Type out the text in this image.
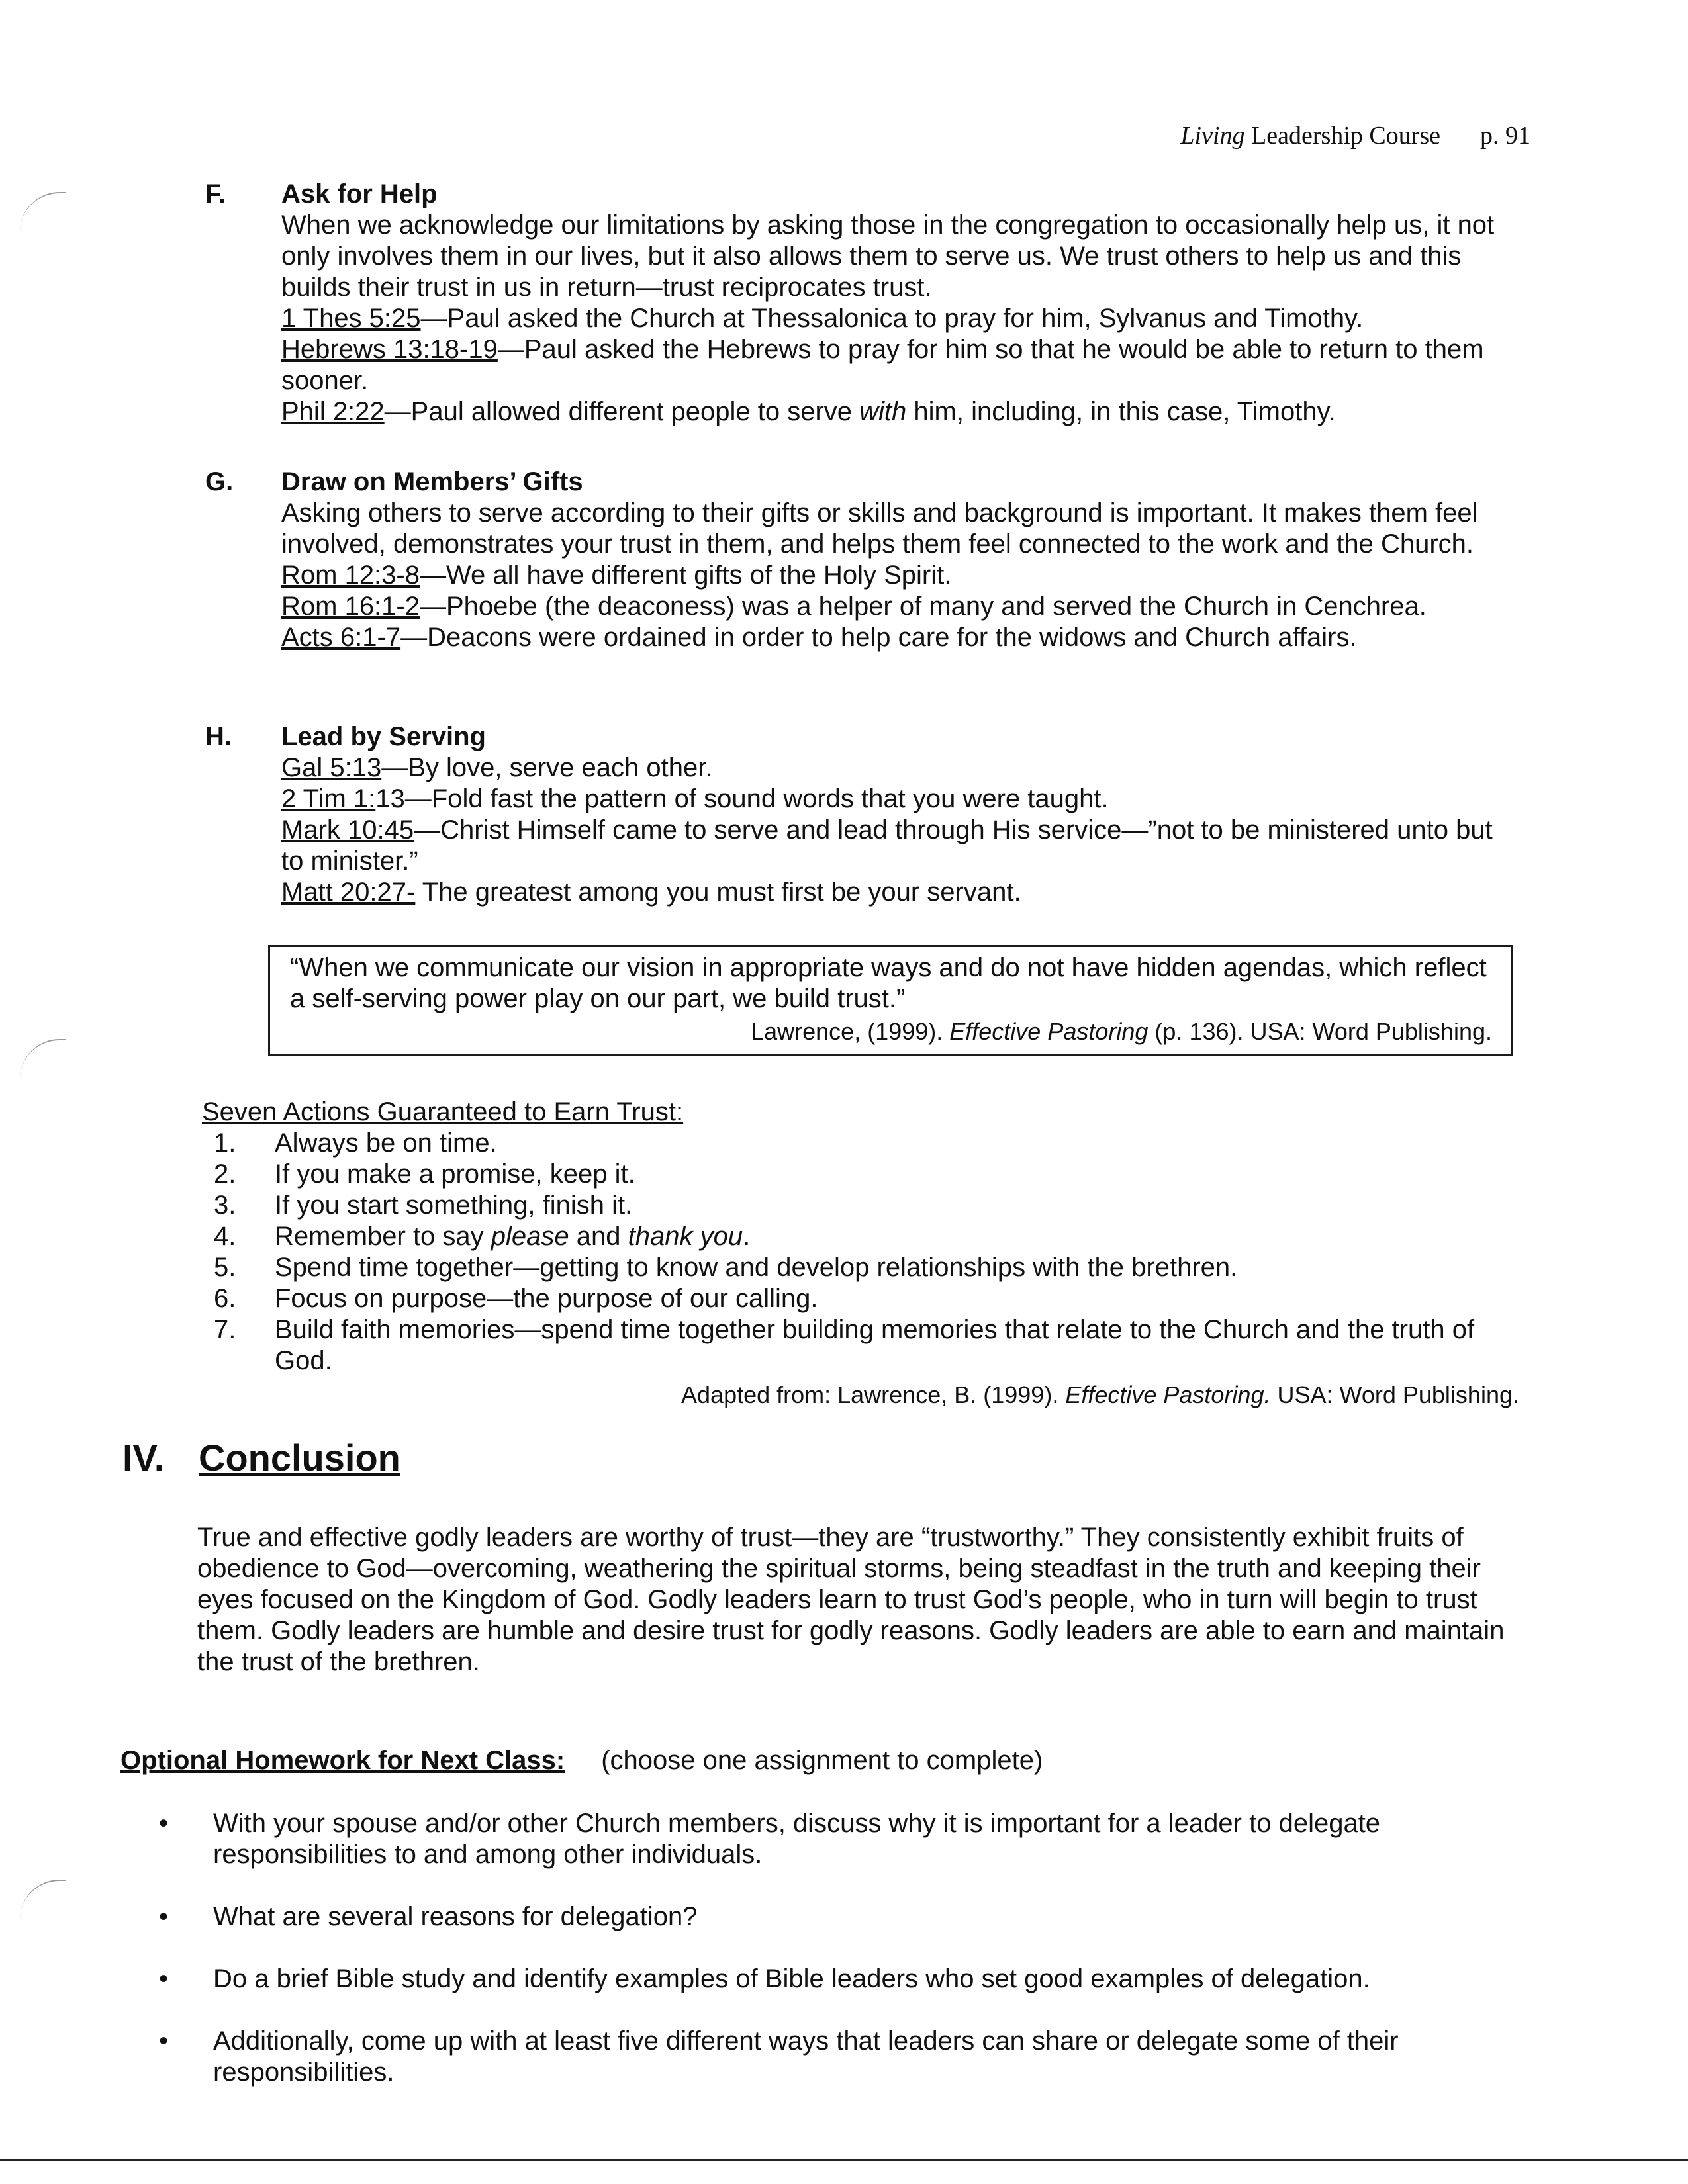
Living Leadership Course p. 91
F. Ask for Help

When we acknowledge our limitations by asking those in the congregation to occasionally help us, it not only involves them in our lives, but it also allows them to serve us. We trust others to help us and this builds their trust in us in return—trust reciprocates trust.

1 Thes 5:25—Paul asked the Church at Thessalonica to pray for him, Sylvanus and Timothy.

Hebrews 13:18-19—Paul asked the Hebrews to pray for him so that he would be able to return to them sooner.

Phil 2:22—Paul allowed different people to serve with him, including, in this case, Timothy.

G. Draw on Members’ Gifts

Asking others to serve according to their gifts or skills and background is important. It makes them feel involved, demonstrates your trust in them, and helps them feel connected to the work and the Church.

Rom 12:3-8—We all have different gifts of the Holy Spirit.

Rom 16:1-2—Phoebe (the deaconess) was a helper of many and served the Church in Cenchrea.

Acts 6:1-7—Deacons were ordained in order to help care for the widows and Church affairs.

H. Lead by Serving

Gal 5:13—By love, serve each other.

2 Tim 1:13—Fold fast the pattern of sound words that you were taught.

Mark 10:45—Christ Himself came to serve and lead through His service—”not to be ministered unto but to minister.”

Matt 20:27- The greatest among you must first be your servant.

“When we communicate our vision in appropriate ways and do not have hidden agendas, which reflect a self-serving power play on our part, we build trust.”

Lawrence, (1999). Effective Pastoring (p. 136). USA: Word Publishing.
Seven Actions Guaranteed to Earn Trust:
1. Always be on time.
2. If you make a promise, keep it.
3. If you start something, finish it.
4. Remember to say please and thank you.
5. Spend time together—getting to know and develop relationships with the brethren.
6. Focus on purpose—the purpose of our calling.
7. Build faith memories—spend time together building memories that relate to the Church and the truth of God.
Adapted from: Lawrence, B. (1999). Effective Pastoring. USA: Word Publishing.
IV. Conclusion

True and effective godly leaders are worthy of trust—they are “trustworthy.” They consistently exhibit fruits of obedience to God—overcoming, weathering the spiritual storms, being steadfast in the truth and keeping their eyes focused on the Kingdom of God. Godly leaders learn to trust God’s people, who in turn will begin to trust them. Godly leaders are humble and desire trust for godly reasons. Godly leaders are able to earn and maintain the trust of the brethren.

Optional Homework for Next Class: (choose one assignment to complete)
• With your spouse and/or other Church members, discuss why it is important for a leader to delegate responsibilities to and among other individuals.
• What are several reasons for delegation?
• Do a brief Bible study and identify examples of Bible leaders who set good examples of delegation.
• Additionally, come up with at least five different ways that leaders can share or delegate some of their responsibilities.
